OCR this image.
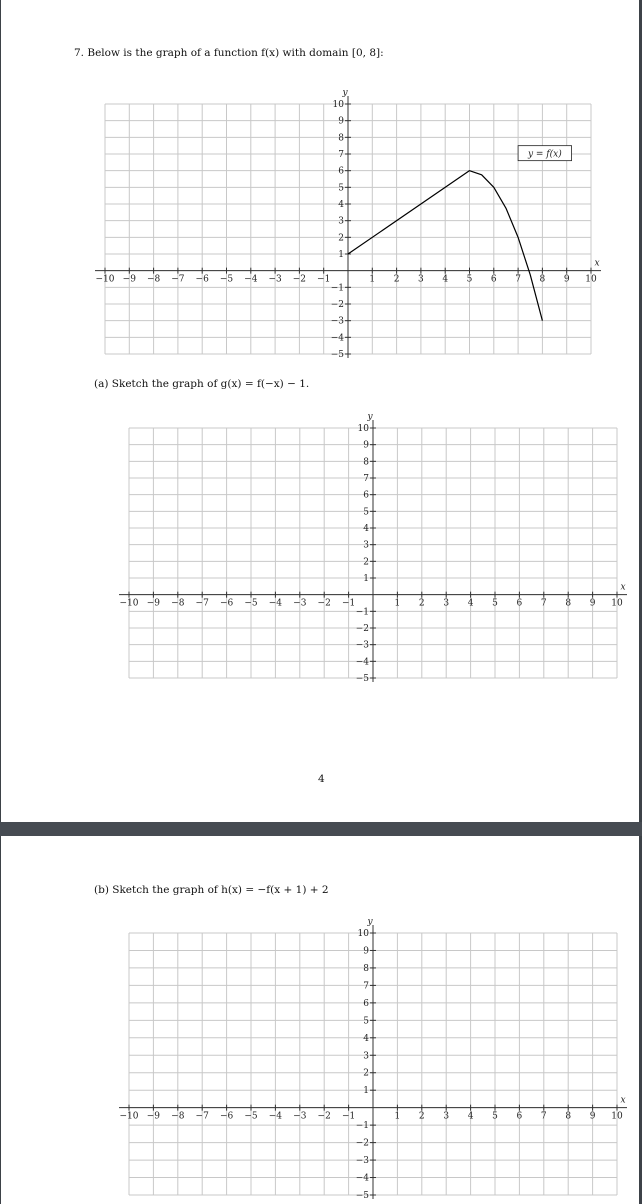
7. Below is the graph of a function f(x) with domain [0, 8]:
−10 −9 −8 −7 −6 −5 −4 −3 −2 −1	1 2 3 4 5 6 7 8 9 10
−5
−4
−3
−2
−1
1
2
3
4
5
6
7
8
9
10
x
y
y = f(x)
(a) Sketch the graph of g(x) = f(−x) − 1.
−10 −9 −8 −7 −6 −5 −4 −3 −2 −1	1 2 3 4 5 6 7 8 9 10
−5
−4
−3
−2
−1
1
2
3
4
5
6
7
8
9
10
x
y
4
(b) Sketch the graph of h(x) = −f(x + 1) + 2
−10 −9 −8 −7 −6 −5 −4 −3 −2 −1	1 2 3 4 5 6 7 8 9 10
−5
−4
−3
−2
−1
1
2
3
4
5
6
7
8
9
10
x
y
